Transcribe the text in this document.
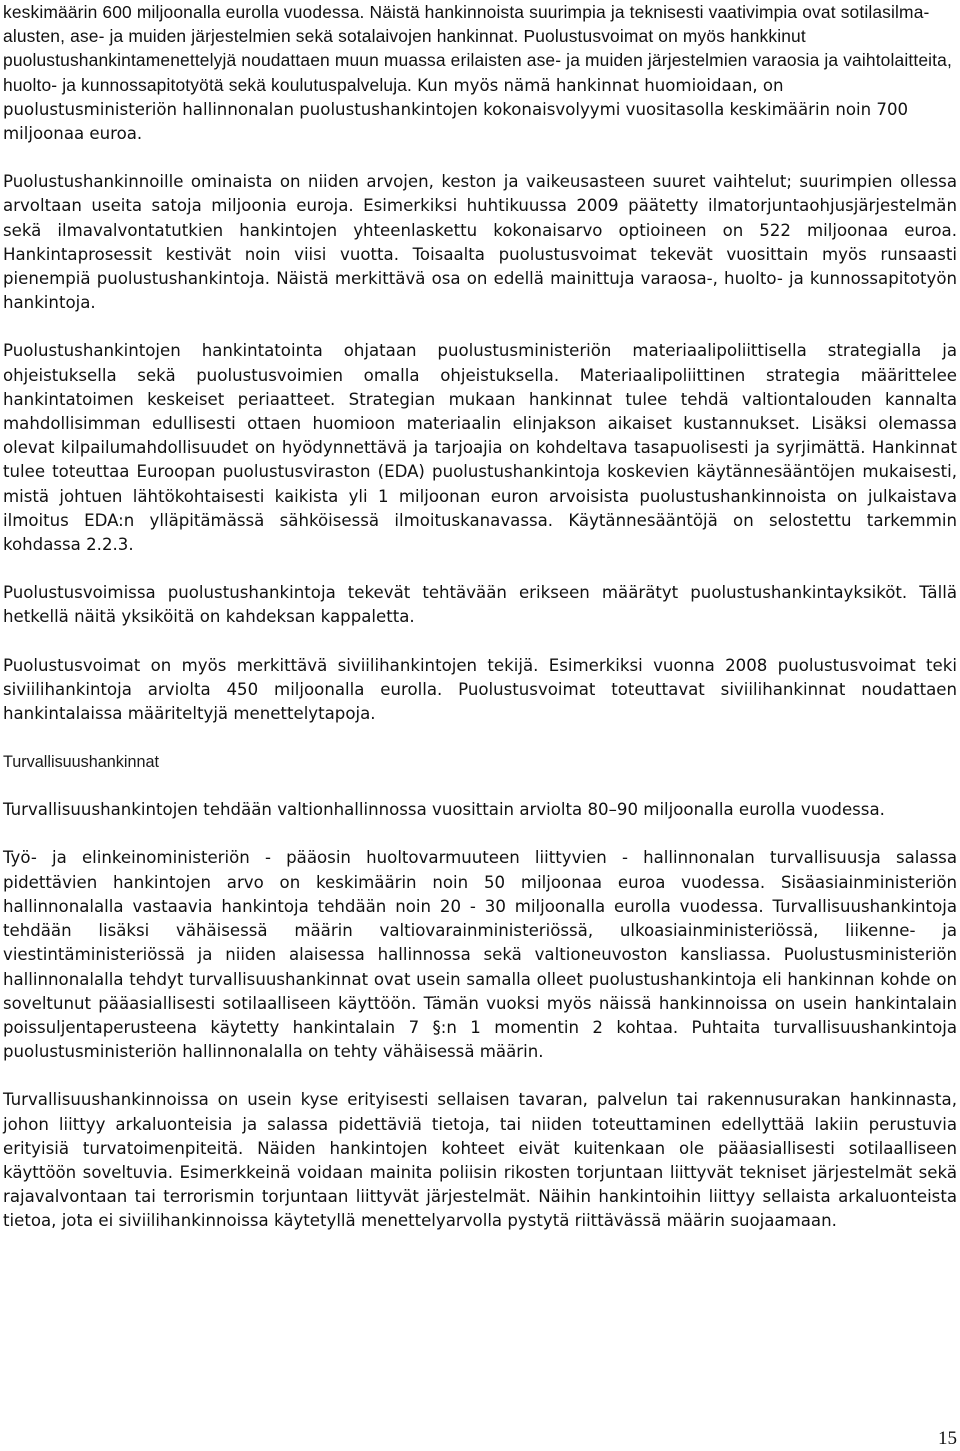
keskimäärin 600 miljoonalla eurolla vuodessa. Näistä hankinnoista suurimpia ja teknisesti vaativimpia ovat sotilasilma-alusten, ase- ja muiden järjestelmien sekä sotalaivojen hankinnat. Puolustusvoimat on myös hankkinut puolustushankintamenettelyjä noudattaen muun muassa erilaisten ase- ja muiden järjestelmien varaosia ja vaihtolaitteita, huolto- ja kunnossapitotyötä sekä koulutuspalveluja.

Kun myös nämä hankinnat huomioidaan, on puolustusministeriön hallinnonalan puolustushankintojen kokonaisvolyymi vuositasolla keskimäärin noin 700 miljoonaa euroa.

Puolustushankinnoille ominaista on niiden arvojen, keston ja vaikeusasteen suuret vaihtelut; suurimpien ollessa arvoltaan useita satoja miljoonia euroja. Esimerkiksi huhtikuussa 2009 päätetty ilmatorjuntaohjusjärjestelmän sekä ilmavalvontatutkien hankintojen yhteenlaskettu kokonaisarvo optioineen on 522 miljoonaa euroa. Hankintaprosessit kestivät noin viisi vuotta. Toisaalta puolustusvoimat tekevät vuosittain myös runsaasti pienempiä puolustushankintoja. Näistä merkittävä osa on edellä mainittuja varaosa-, huolto- ja kunnossapitotyön hankintoja.

Puolustushankintojen hankintatointa ohjataan puolustusministeriön materiaalipoliittisella strategialla ja ohjeistuksella sekä puolustusvoimien omalla ohjeistuksella. Materiaalipoliittinen strategia määrittelee hankintatoimen keskeiset periaatteet. Strategian mukaan hankinnat tulee tehdä valtiontalouden kannalta mahdollisimman edullisesti ottaen huomioon materiaalin elinjakson aikaiset kustannukset. Lisäksi olemassa olevat kilpailumahdollisuudet on hyödynnettävä ja tarjoajia on kohdeltava tasapuolisesti ja syrjimättä. Hankinnat tulee toteuttaa Euroopan puolustusviraston (EDA) puolustushankintoja koskevien käytännesääntöjen mukaisesti, mistä johtuen lähtökohtaisesti kaikista yli 1 miljoonan euron arvoisista puolustushankinnoista on julkaistava ilmoitus EDA:n ylläpitämässä sähköisessä ilmoituskanavassa. Käytännesääntöjä on selostettu tarkemmin kohdassa 2.2.3.

Puolustusvoimissa puolustushankintoja tekevät tehtävään erikseen määrätyt puolustushankintayksiköt. Tällä hetkellä näitä yksiköitä on kahdeksan kappaletta.

Puolustusvoimat on myös merkittävä siviilihankintojen tekijä. Esimerkiksi vuonna 2008 puolustusvoimat teki siviilihankintoja arviolta 450 miljoonalla eurolla. Puolustusvoimat toteuttavat siviilihankinnat noudattaen hankintalaissa määriteltyjä menettelytapoja.

Turvallisuushankinnat

Turvallisuushankintojen tehdään valtionhallinnossa vuosittain arviolta 80–90 miljoonalla eurolla vuodessa.

Työ- ja elinkeinoministeriön - pääosin huoltovarmuuteen liittyvien - hallinnonalan turvallisuusja salassa pidettävien hankintojen arvo on keskimäärin noin 50 miljoonaa euroa vuodessa. Sisäasiainministeriön hallinnonalalla vastaavia hankintoja tehdään noin 20 - 30 miljoonalla eurolla vuodessa. Turvallisuushankintoja tehdään lisäksi vähäisessä määrin valtiovarainministeriössä, ulkoasiainministeriössä, liikenne- ja viestintäministeriössä ja niiden alaisessa hallinnossa sekä valtioneuvoston kansliassa. Puolustusministeriön hallinnonalalla tehdyt turvallisuushankinnat ovat usein samalla olleet puolustushankintoja eli hankinnan kohde on soveltunut pääasiallisesti sotilaalliseen käyttöön. Tämän vuoksi myös näissä hankinnoissa on usein hankintalain poissuljentaperusteena käytetty hankintalain 7 §:n 1 momentin 2 kohtaa. Puhtaita turvallisuushankintoja puolustusministeriön hallinnonalalla on tehty vähäisessä määrin.

Turvallisuushankinnoissa on usein kyse erityisesti sellaisen tavaran, palvelun tai rakennusurakan hankinnasta, johon liittyy arkaluonteisia ja salassa pidettäviä tietoja, tai niiden toteuttaminen edellyttää lakiin perustuvia erityisiä turvatoimenpiteitä. Näiden hankintojen kohteet eivät kuitenkaan ole pääasiallisesti sotilaalliseen käyttöön soveltuvia. Esimerkkeinä voidaan mainita poliisin rikosten torjuntaan liittyvät tekniset järjestelmät sekä rajavalvontaan tai terrorismin torjuntaan liittyvät järjestelmät. Näihin hankintoihin liittyy sellaista arkaluonteista tietoa, jota ei siviilihankinnoissa käytetyllä menettelyarvolla pystytä riittävässä määrin suojaamaan.

15
